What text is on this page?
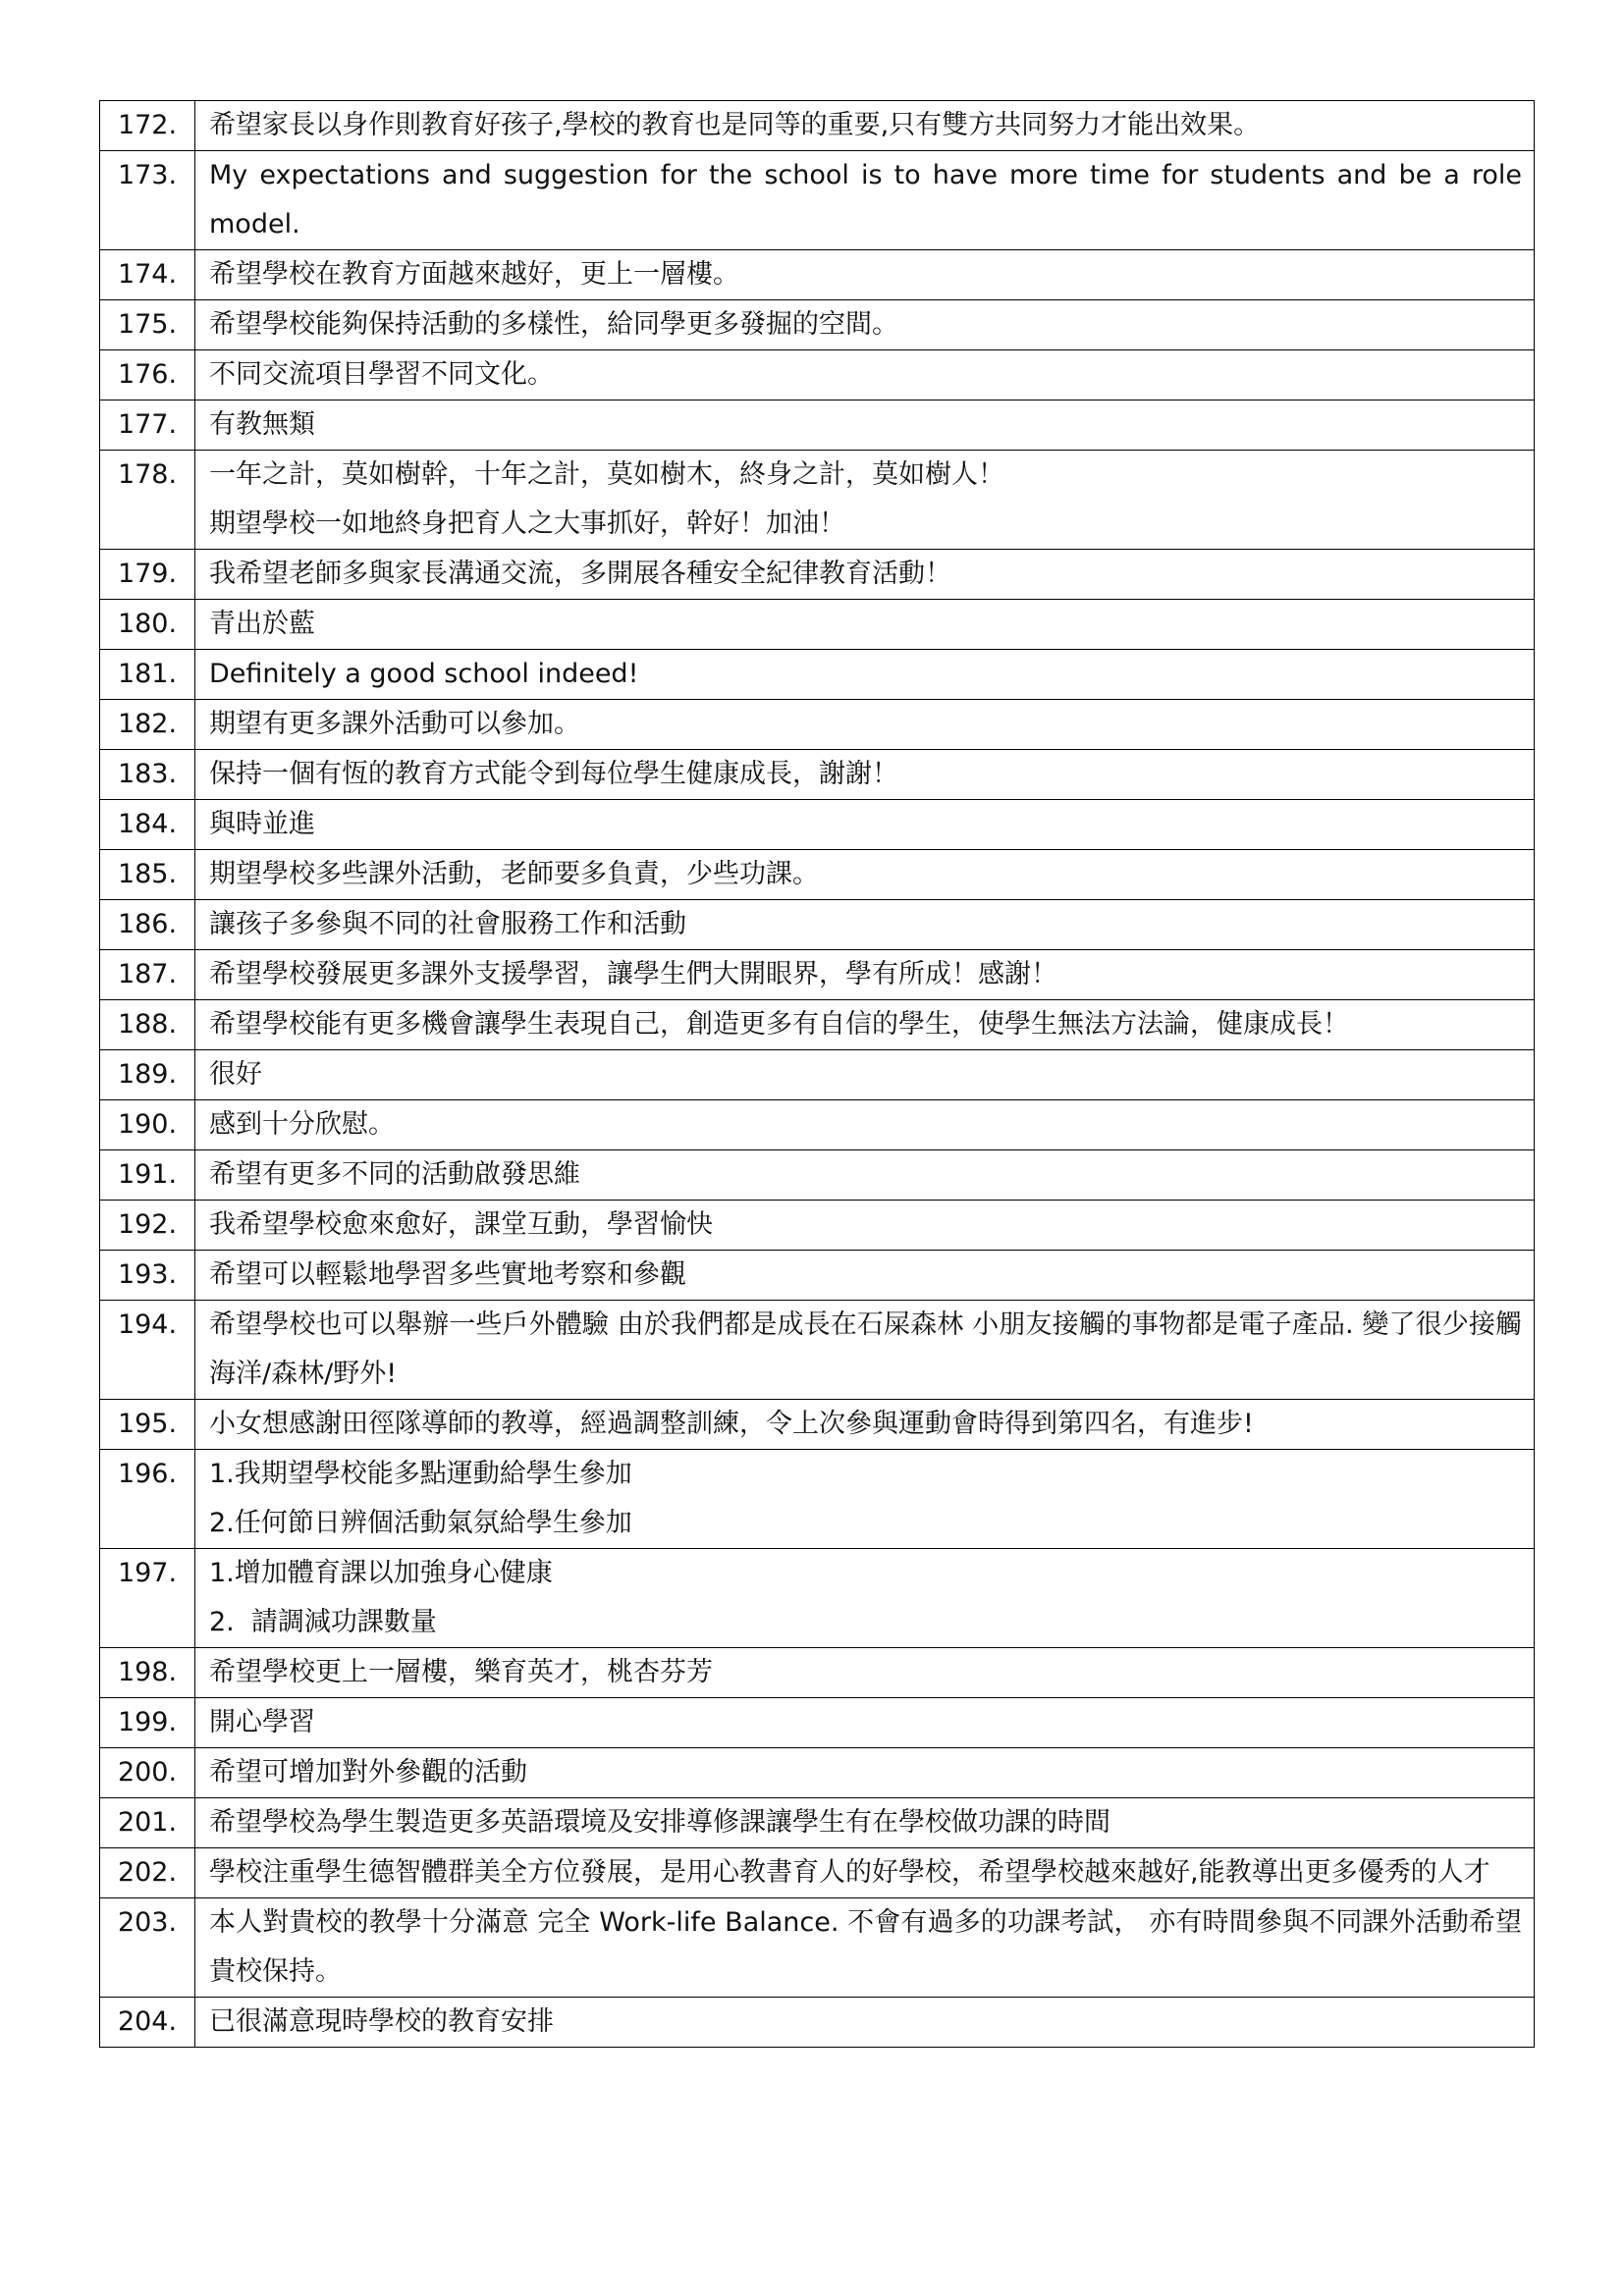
172.	希望家長以身作則教育好孩子,學校的教育也是同等的重要,只有雙方共同努力才能出效果。

173.	My expectations and suggestion for the school is to have more time for students and be a role model.

174.	希望學校在教育方面越來越好，更上一層樓。

175.	希望學校能夠保持活動的多樣性，給同學更多發掘的空間。

176.	不同交流項目學習不同文化。

177.	有教無類

178.	一年之計，莫如樹幹，十年之計，莫如樹木，終身之計，莫如樹人！
期望學校一如地終身把育人之大事抓好，幹好！加油！

179.	我希望老師多與家長溝通交流，多開展各種安全紀律教育活動！

180.	青出於藍

181.	Definitely a good school indeed!

182.	期望有更多課外活動可以參加。

183.	保持一個有恆的教育方式能令到每位學生健康成長，謝謝！

184.	與時並進

185.	期望學校多些課外活動，老師要多負責，少些功課。

186.	讓孩子多參與不同的社會服務工作和活動

187.	希望學校發展更多課外支援學習，讓學生們大開眼界，學有所成！感謝！

188.	希望學校能有更多機會讓學生表現自己，創造更多有自信的學生，使學生無法方法論，健康成長！

189.	很好

190.	感到十分欣慰。

191.	希望有更多不同的活動啟發思維

192.	我希望學校愈來愈好，課堂互動，學習愉快

193.	希望可以輕鬆地學習多些實地考察和參觀

194.	希望學校也可以舉辦一些戶外體驗 由於我們都是成長在石屎森林 小朋友接觸的事物都是電子產品. 變了很少接觸海洋/森林/野外!

195.	小女想感謝田徑隊導師的教導，經過調整訓練，令上次參與運動會時得到第四名，有進步!

196.	1.我期望學校能多點運動給學生參加
2.任何節日辨個活動氣氛給學生參加

197.	1.增加體育課以加強身心健康
2.  請調減功課數量

198.	希望學校更上一層樓，樂育英才，桃杏芬芳

199.	開心學習

200.	希望可增加對外參觀的活動

201.	希望學校為學生製造更多英語環境及安排導修課讓學生有在學校做功課的時間

202.	學校注重學生德智體群美全方位發展，是用心教書育人的好學校，希望學校越來越好,能教導出更多優秀的人才

203.	本人對貴校的教學十分滿意 完全 Work-life Balance. 不會有過多的功課考試， 亦有時間參與不同課外活動希望貴校保持。

204.	已很滿意現時學校的教育安排
